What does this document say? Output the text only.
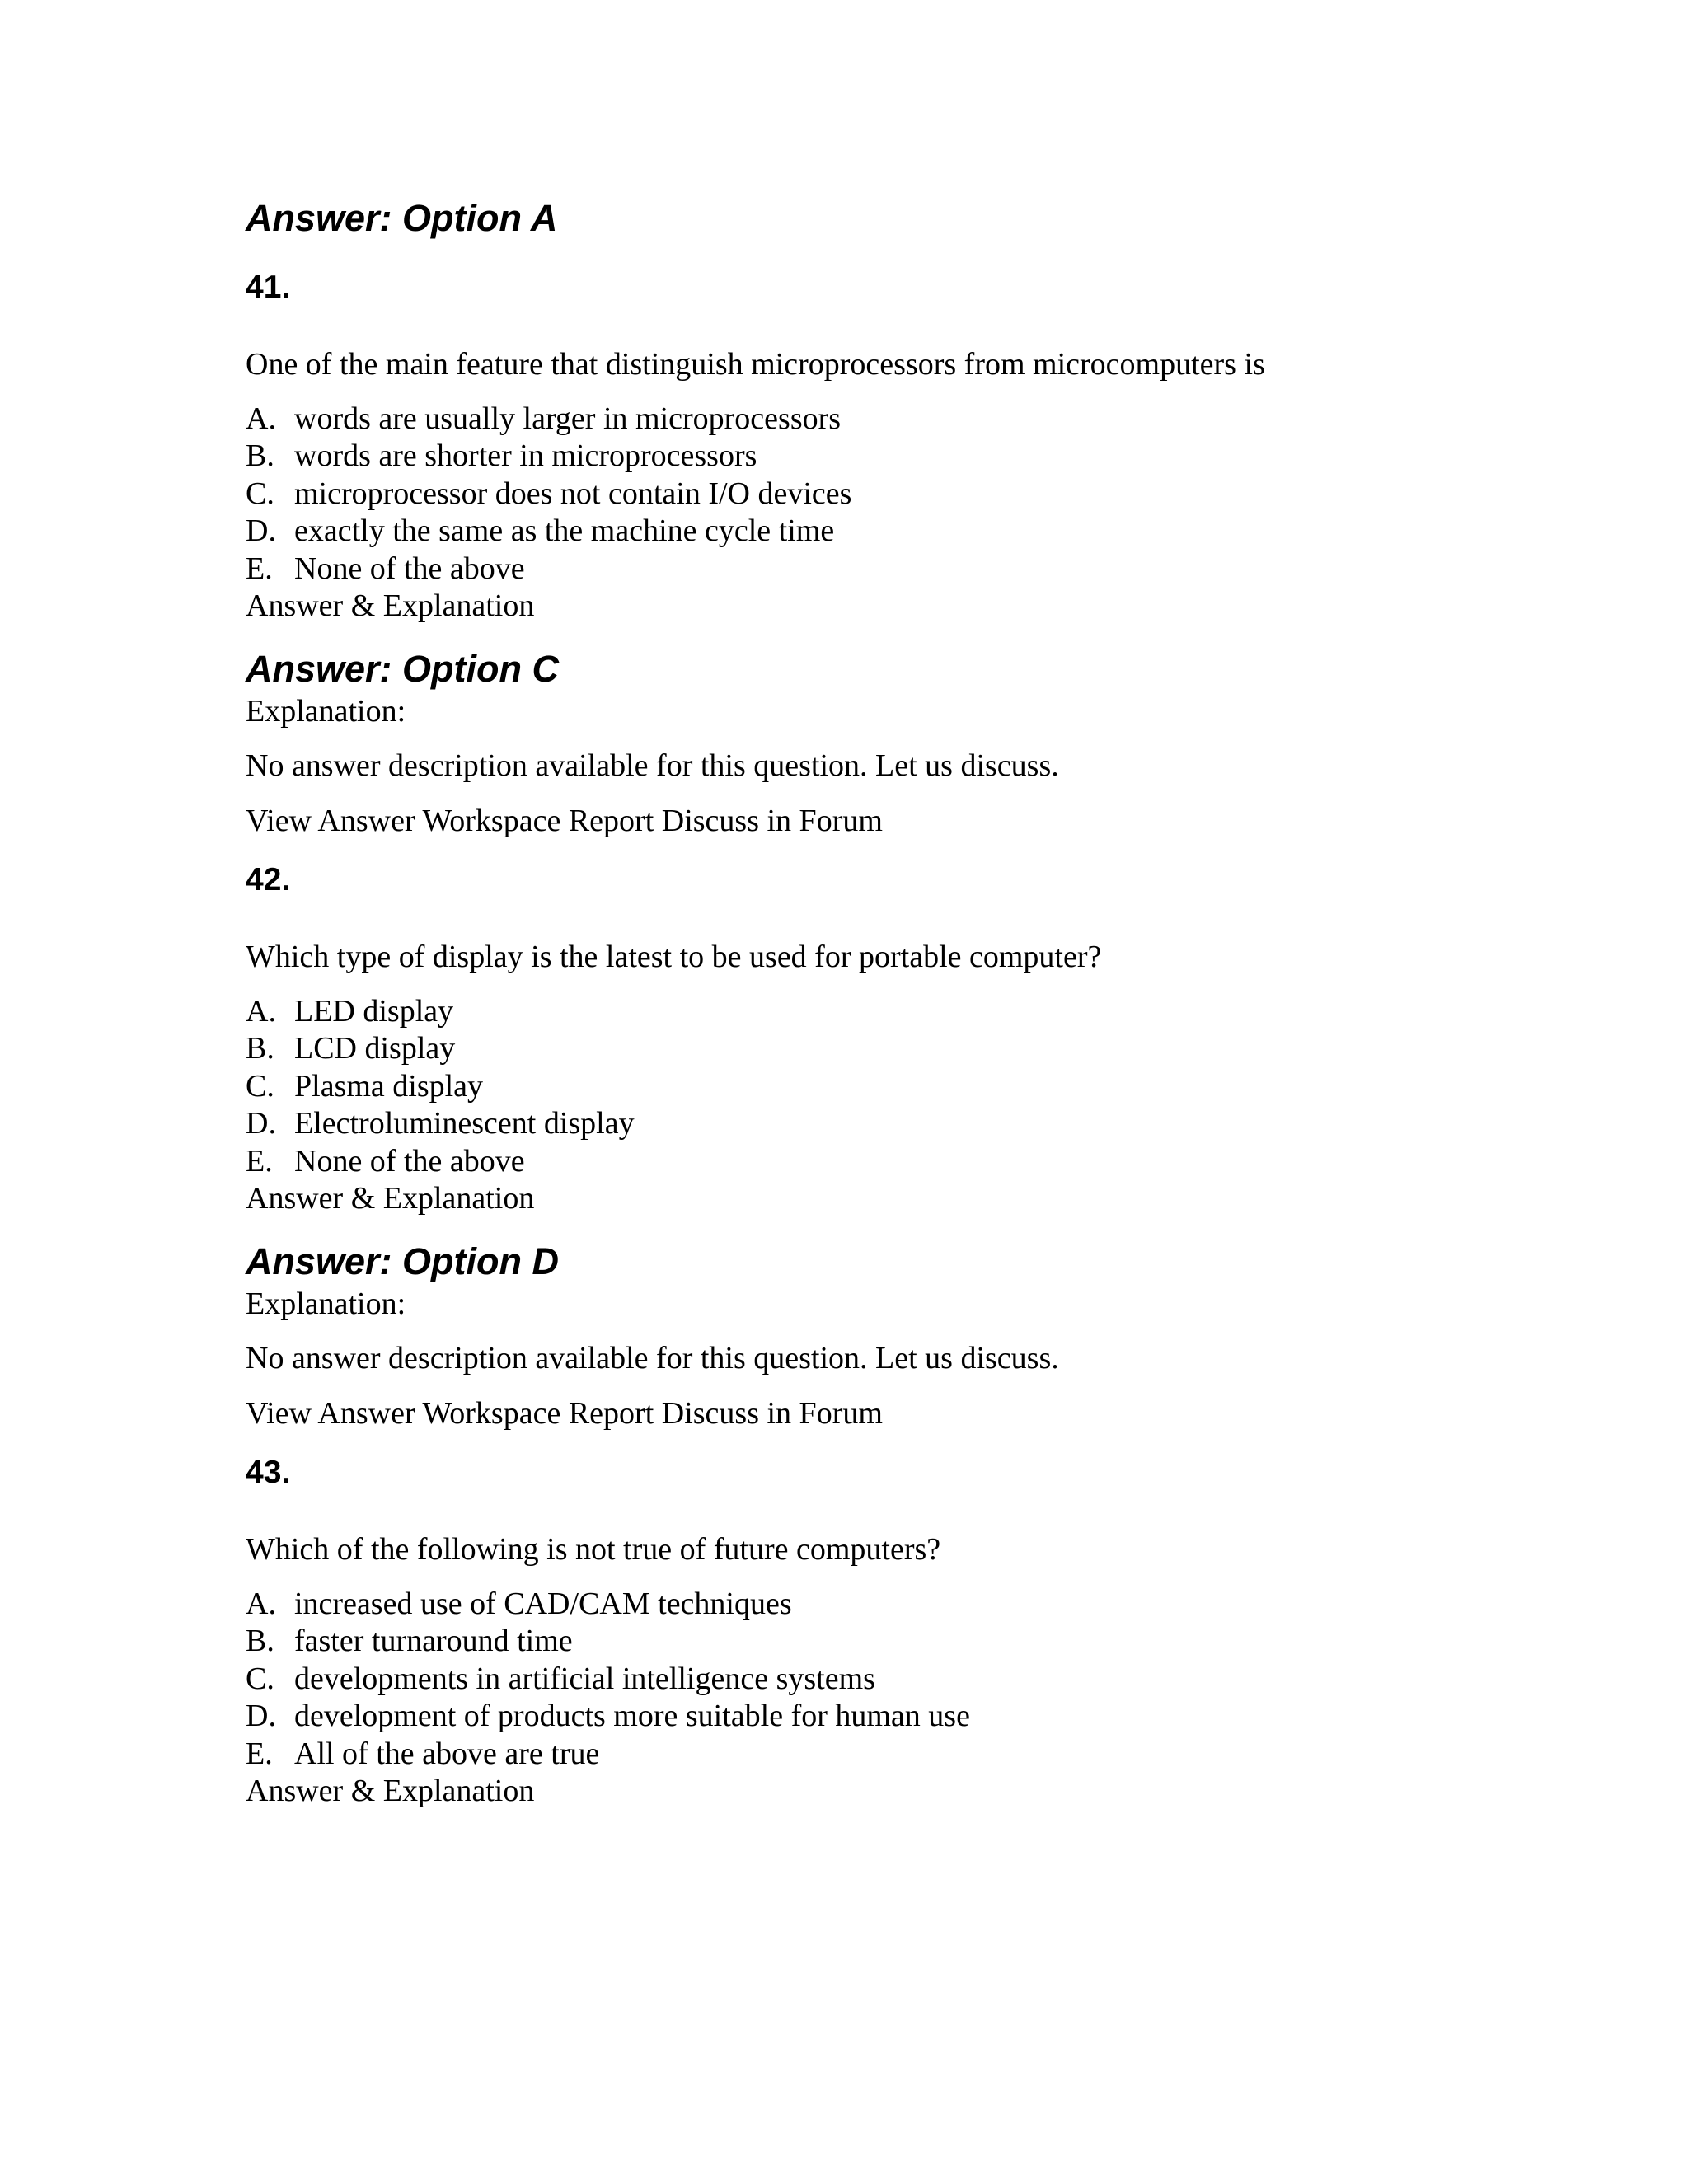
Answer: Option A
41.

One of the main feature that distinguish microprocessors from microcomputers is

A. words are usually larger in microprocessors
B. words are shorter in microprocessors
C. microprocessor does not contain I/O devices
D. exactly the same as the machine cycle time
E. None of the above

Answer & Explanation

Answer: Option C

Explanation:

No answer description available for this question. Let us discuss.

View Answer Workspace Report Discuss in Forum

42.

Which type of display is the latest to be used for portable computer?

A. LED display
B. LCD display
C. Plasma display
D. Electroluminescent display
E. None of the above

Answer & Explanation

Answer: Option D

Explanation:

No answer description available for this question. Let us discuss.

View Answer Workspace Report Discuss in Forum

43.

Which of the following is not true of future computers?

A. increased use of CAD/CAM techniques
B. faster turnaround time
C. developments in artificial intelligence systems
D. development of products more suitable for human use
E. All of the above are true

Answer & Explanation
